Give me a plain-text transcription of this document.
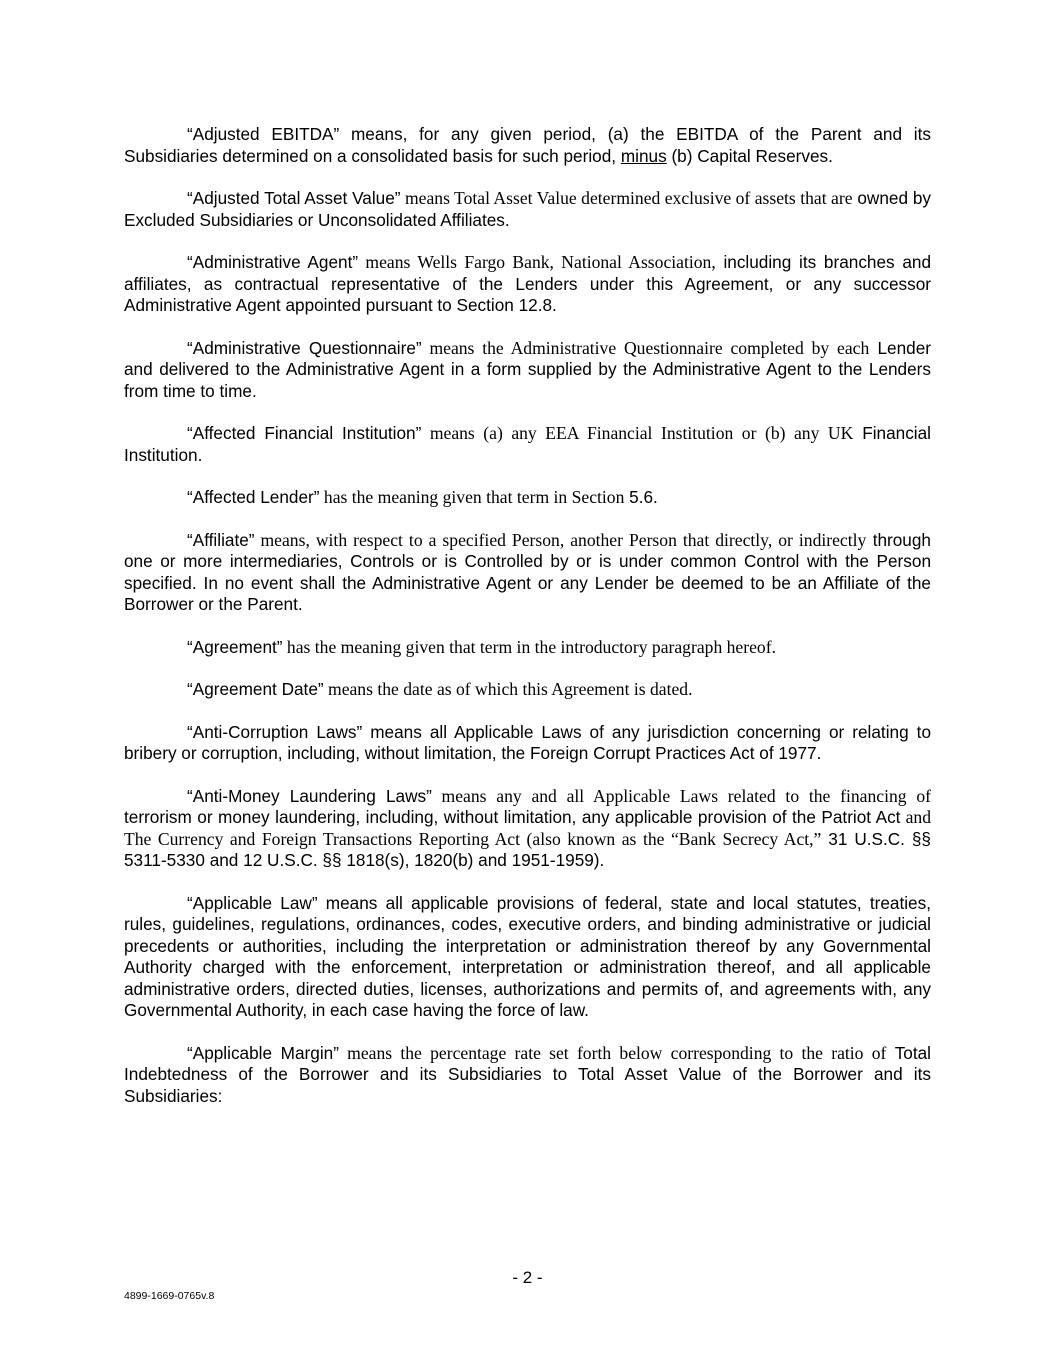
“Adjusted EBITDA” means, for any given period, (a) the EBITDA of the Parent and its Subsidiaries determined on a consolidated basis for such period, minus (b) Capital Reserves.

“Adjusted Total Asset Value” means Total Asset Value determined exclusive of assets that are owned by Excluded Subsidiaries or Unconsolidated Affiliates.

“Administrative Agent” means Wells Fargo Bank, National Association, including its branches and affiliates, as contractual representative of the Lenders under this Agreement, or any successor Administrative Agent appointed pursuant to Section 12.8.

“Administrative Questionnaire” means the Administrative Questionnaire completed by each Lender and delivered to the Administrative Agent in a form supplied by the Administrative Agent to the Lenders from time to time.

“Affected Financial Institution” means (a) any EEA Financial Institution or (b) any UK Financial Institution.

“Affected Lender” has the meaning given that term in Section 5.6.

“Affiliate” means, with respect to a specified Person, another Person that directly, or indirectly through one or more intermediaries, Controls or is Controlled by or is under common Control with the Person specified. In no event shall the Administrative Agent or any Lender be deemed to be an Affiliate of the Borrower or the Parent.

“Agreement” has the meaning given that term in the introductory paragraph hereof.

“Agreement Date” means the date as of which this Agreement is dated.

“Anti-Corruption Laws” means all Applicable Laws of any jurisdiction concerning or relating to bribery or corruption, including, without limitation, the Foreign Corrupt Practices Act of 1977.

“Anti-Money Laundering Laws” means any and all Applicable Laws related to the financing of terrorism or money laundering, including, without limitation, any applicable provision of the Patriot Act and The Currency and Foreign Transactions Reporting Act (also known as the “Bank Secrecy Act,” 31 U.S.C. §§ 5311-5330 and 12 U.S.C. §§ 1818(s), 1820(b) and 1951-1959).

“Applicable Law” means all applicable provisions of federal, state and local statutes, treaties, rules, guidelines, regulations, ordinances, codes, executive orders, and binding administrative or judicial precedents or authorities, including the interpretation or administration thereof by any Governmental Authority charged with the enforcement, interpretation or administration thereof, and all applicable administrative orders, directed duties, licenses, authorizations and permits of, and agreements with, any Governmental Authority, in each case having the force of law.

“Applicable Margin” means the percentage rate set forth below corresponding to the ratio of Total Indebtedness of the Borrower and its Subsidiaries to Total Asset Value of the Borrower and its Subsidiaries:

- 2 -
4899-1669-0765v.8
